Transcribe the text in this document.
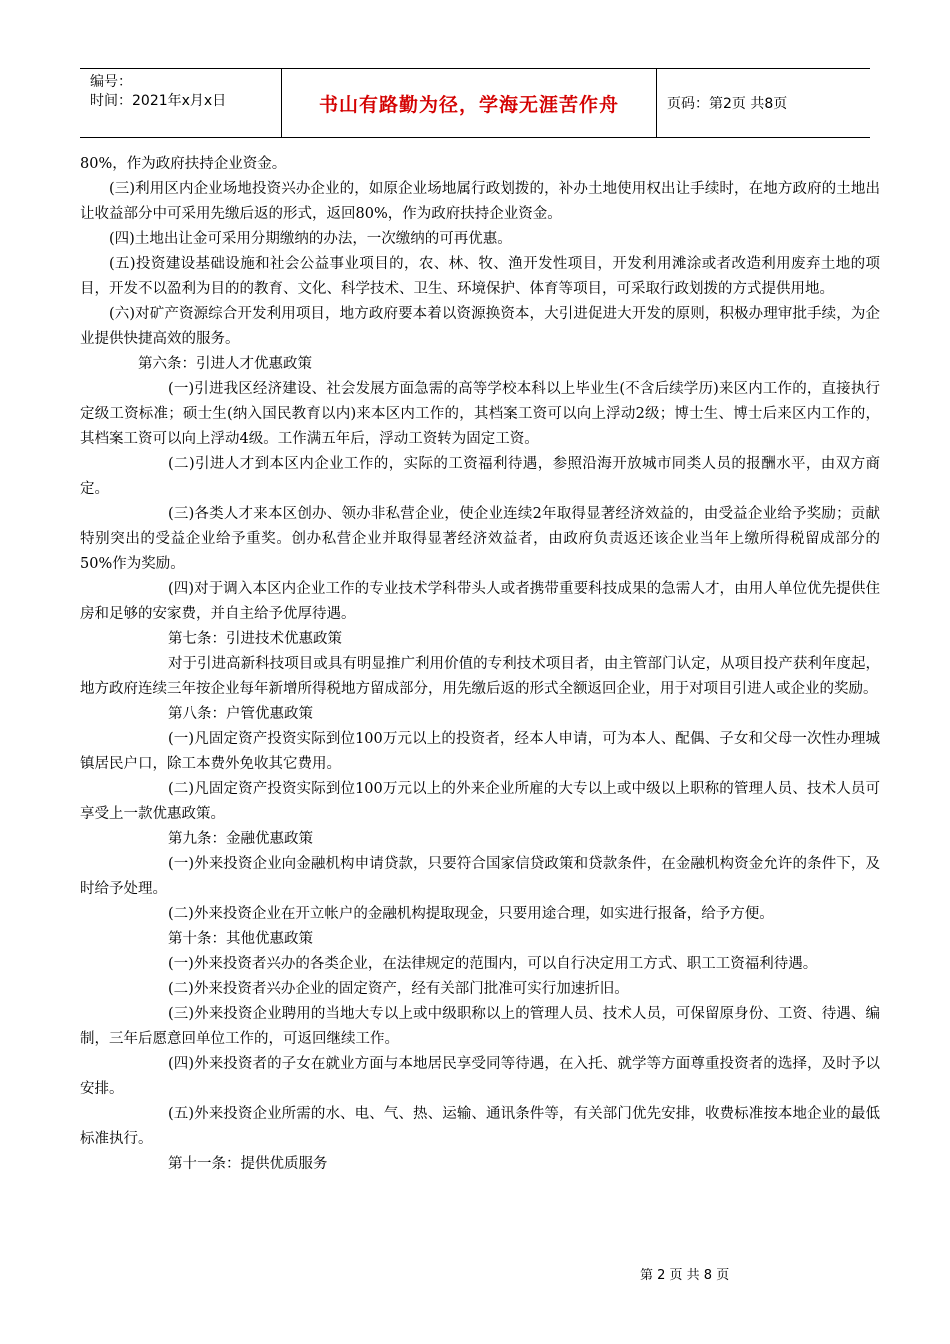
编号：
时间：2021年x月x日	书山有路勤为径，学海无涯苦作舟	页码：第2页 共8页

80%，作为政府扶持企业资金。

(三)利用区内企业场地投资兴办企业的，如原企业场地属行政划拨的，补办土地使用权出让手续时，在地方政府的土地出让收益部分中可采用先缴后返的形式，返回80%，作为政府扶持企业资金。

(四)土地出让金可采用分期缴纳的办法，一次缴纳的可再优惠。

(五)投资建设基础设施和社会公益事业项目的，农、林、牧、渔开发性项目，开发利用滩涂或者改造利用废弃土地的项目，开发不以盈利为目的的教育、文化、科学技术、卫生、环境保护、体育等项目，可采取行政划拨的方式提供用地。

(六)对矿产资源综合开发利用项目，地方政府要本着以资源换资本，大引进促进大开发的原则，积极办理审批手续，为企业提供快捷高效的服务。

第六条：引进人才优惠政策

(一)引进我区经济建设、社会发展方面急需的高等学校本科以上毕业生(不含后续学历)来区内工作的，直接执行定级工资标准；硕士生(纳入国民教育以内)来本区内工作的，其档案工资可以向上浮动2级；博士生、博士后来区内工作的，其档案工资可以向上浮动4级。工作满五年后，浮动工资转为固定工资。

(二)引进人才到本区内企业工作的，实际的工资福利待遇，参照沿海开放城市同类人员的报酬水平，由双方商定。

(三)各类人才来本区创办、领办非私营企业，使企业连续2年取得显著经济效益的，由受益企业给予奖励；贡献特别突出的受益企业给予重奖。创办私营企业并取得显著经济效益者，由政府负责返还该企业当年上缴所得税留成部分的50%作为奖励。

(四)对于调入本区内企业工作的专业技术学科带头人或者携带重要科技成果的急需人才，由用人单位优先提供住房和足够的安家费，并自主给予优厚待遇。

第七条：引进技术优惠政策

对于引进高新科技项目或具有明显推广利用价值的专利技术项目者，由主管部门认定，从项目投产获利年度起，地方政府连续三年按企业每年新增所得税地方留成部分，用先缴后返的形式全额返回企业，用于对项目引进人或企业的奖励。

第八条：户管优惠政策

(一)凡固定资产投资实际到位100万元以上的投资者，经本人申请，可为本人、配偶、子女和父母一次性办理城镇居民户口，除工本费外免收其它费用。

(二)凡固定资产投资实际到位100万元以上的外来企业所雇的大专以上或中级以上职称的管理人员、技术人员可享受上一款优惠政策。

第九条：金融优惠政策

(一)外来投资企业向金融机构申请贷款，只要符合国家信贷政策和贷款条件，在金融机构资金允许的条件下，及时给予处理。

(二)外来投资企业在开立帐户的金融机构提取现金，只要用途合理，如实进行报备，给予方便。

第十条：其他优惠政策

(一)外来投资者兴办的各类企业，在法律规定的范围内，可以自行决定用工方式、职工工资福利待遇。

(二)外来投资者兴办企业的固定资产，经有关部门批准可实行加速折旧。

(三)外来投资企业聘用的当地大专以上或中级职称以上的管理人员、技术人员，可保留原身份、工资、待遇、编制，三年后愿意回单位工作的，可返回继续工作。

(四)外来投资者的子女在就业方面与本地居民享受同等待遇，在入托、就学等方面尊重投资者的选择，及时予以安排。

(五)外来投资企业所需的水、电、气、热、运输、通讯条件等，有关部门优先安排，收费标准按本地企业的最低标准执行。

第十一条：提供优质服务

第 2 页 共 8 页
